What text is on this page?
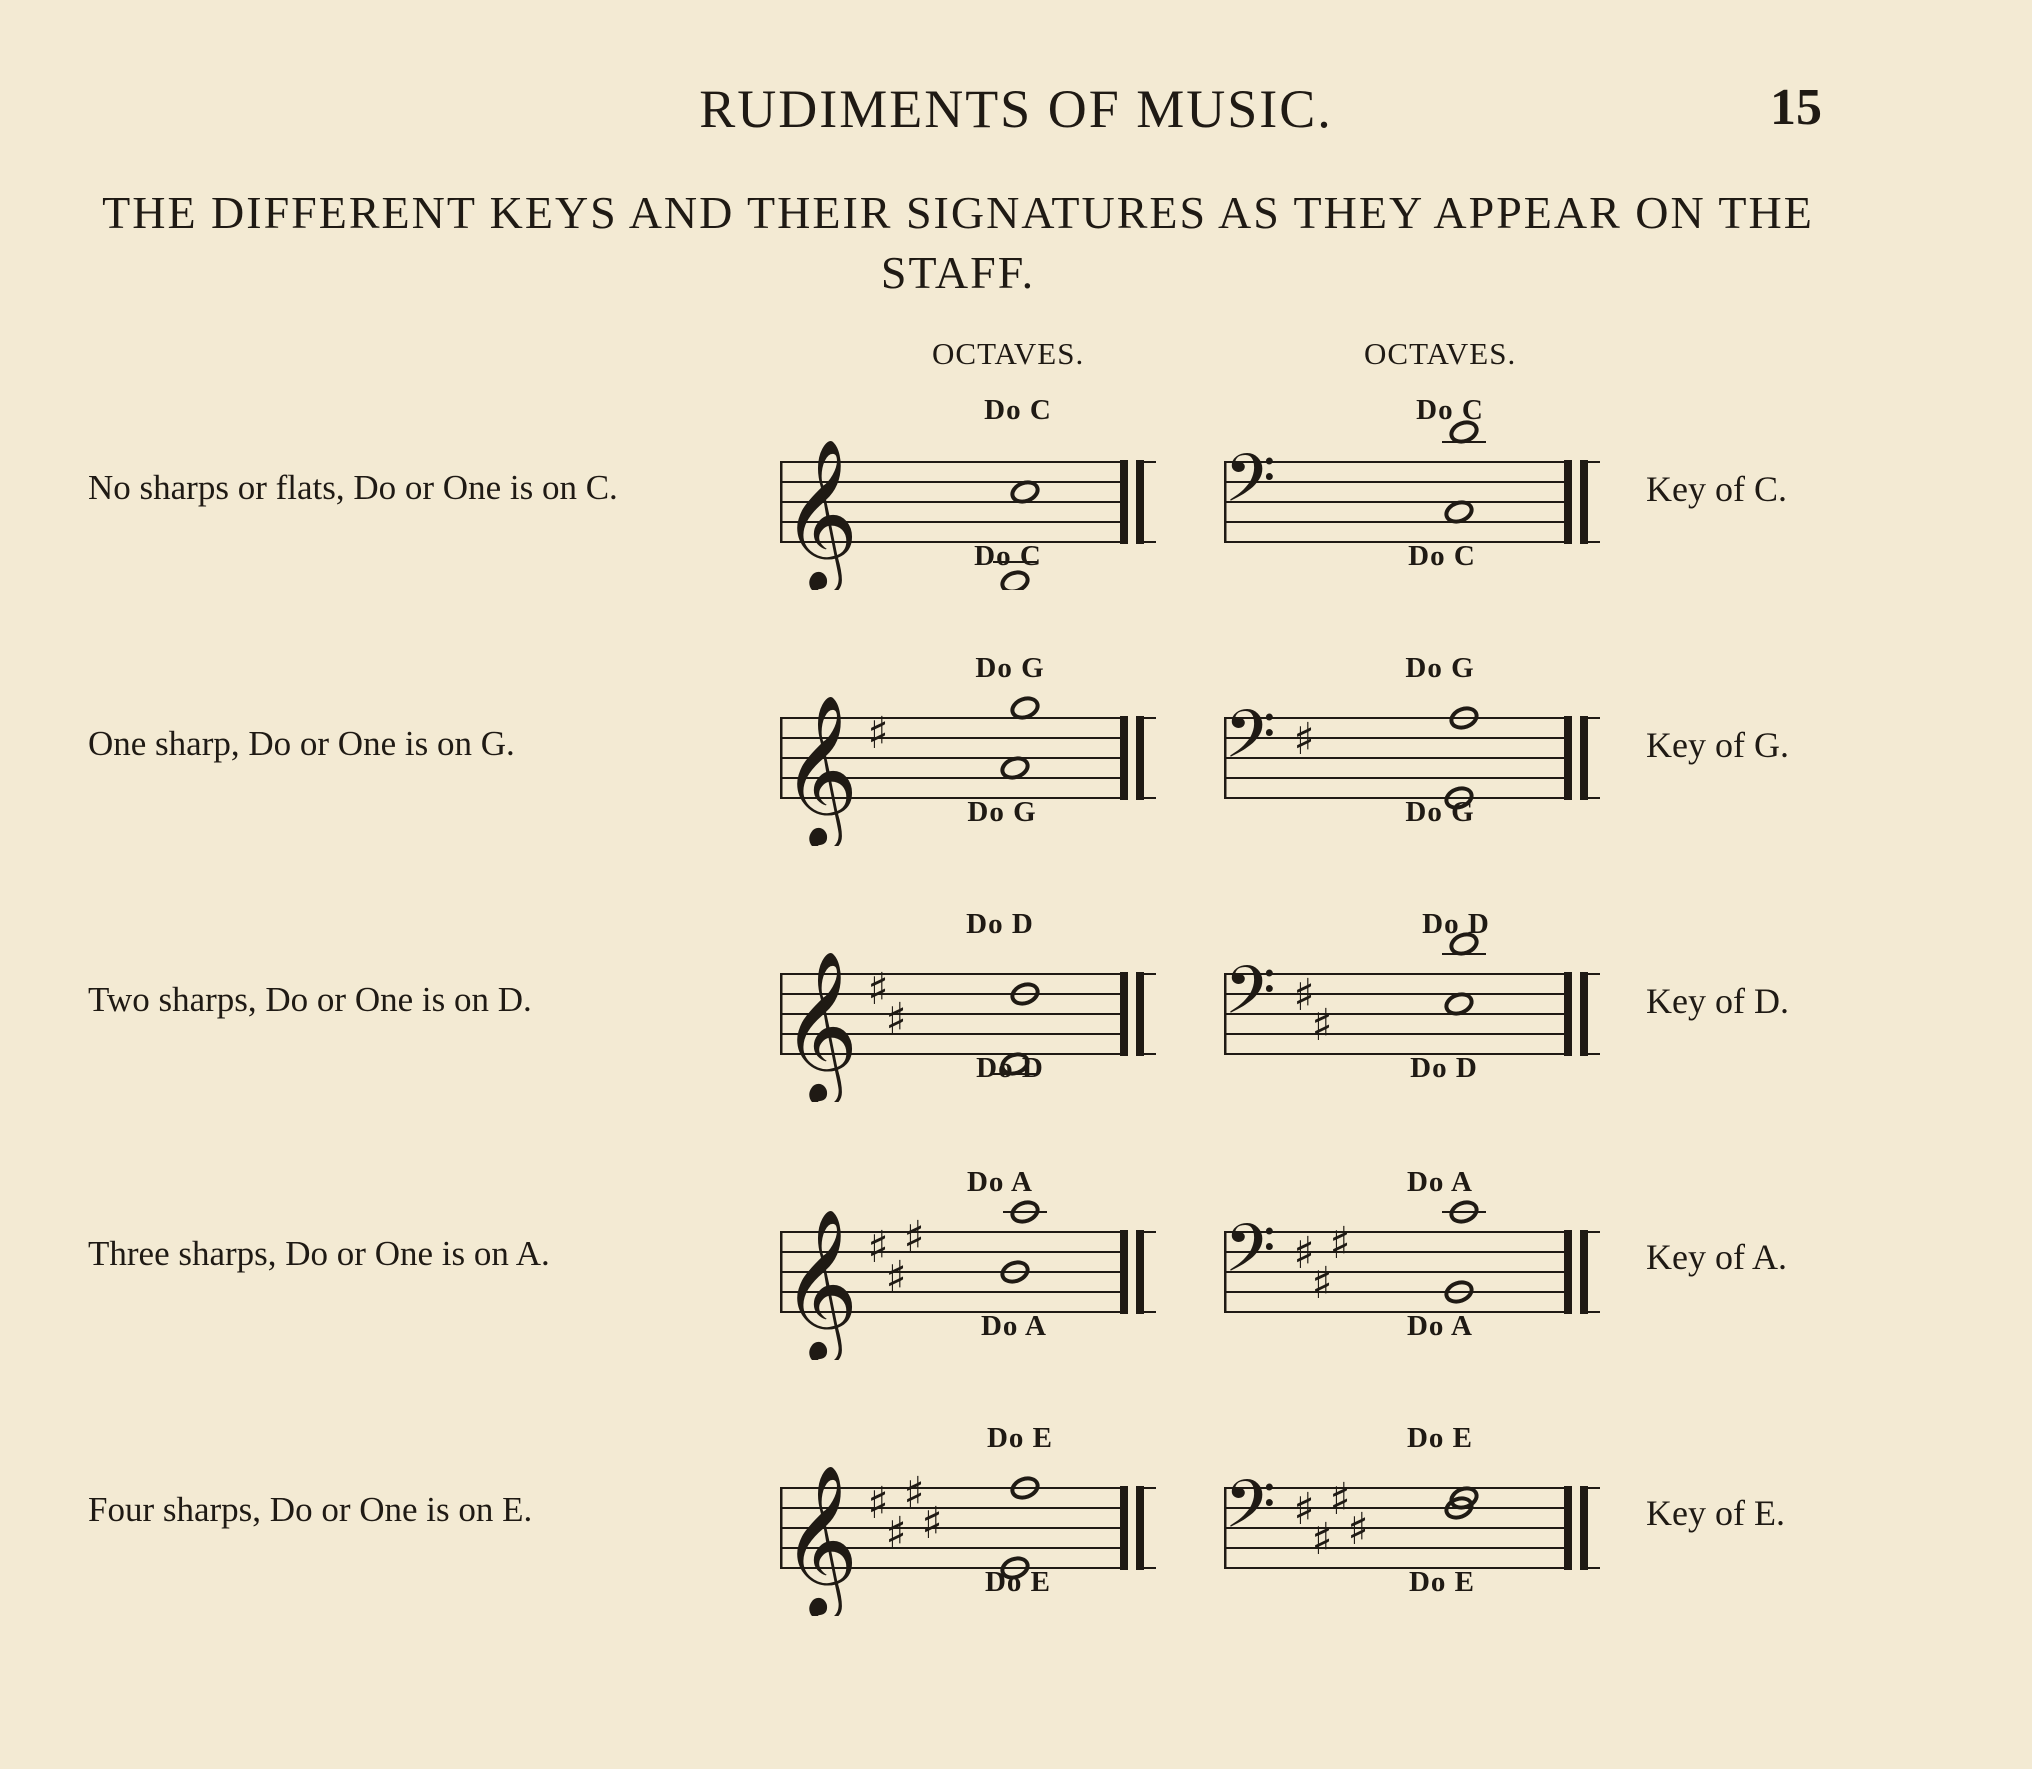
RUDIMENTS OF MUSIC.	15
THE DIFFERENT KEYS AND THEIR SIGNATURES AS THEY APPEAR ON THE STAFF.
OCTAVES.	OCTAVES.
No sharps or flats, Do or One is on C.	Key of C.
Do C
Do C
Do C
Do C
𝄞	𝄢
One sharp, Do or One is on G.	Key of G.
Do G
Do G
Do G
Do G
𝄞 ♯	𝄢 ♯
Two sharps, Do or One is on D.	Key of D.
Do D
Do D
Do D
Do D
𝄞 ♯
♯	𝄢 ♯
♯
Three sharps, Do or One is on A.	Key of A.
Do A
Do A
Do A
Do A
𝄞 ♯
♯
♯	𝄢 ♯
♯
♯
Four sharps, Do or One is on E.	Key of E.
Do E
Do E
Do E
Do E
𝄞 ♯
♯
♯
♯	𝄢 ♯
♯
♯
♯
